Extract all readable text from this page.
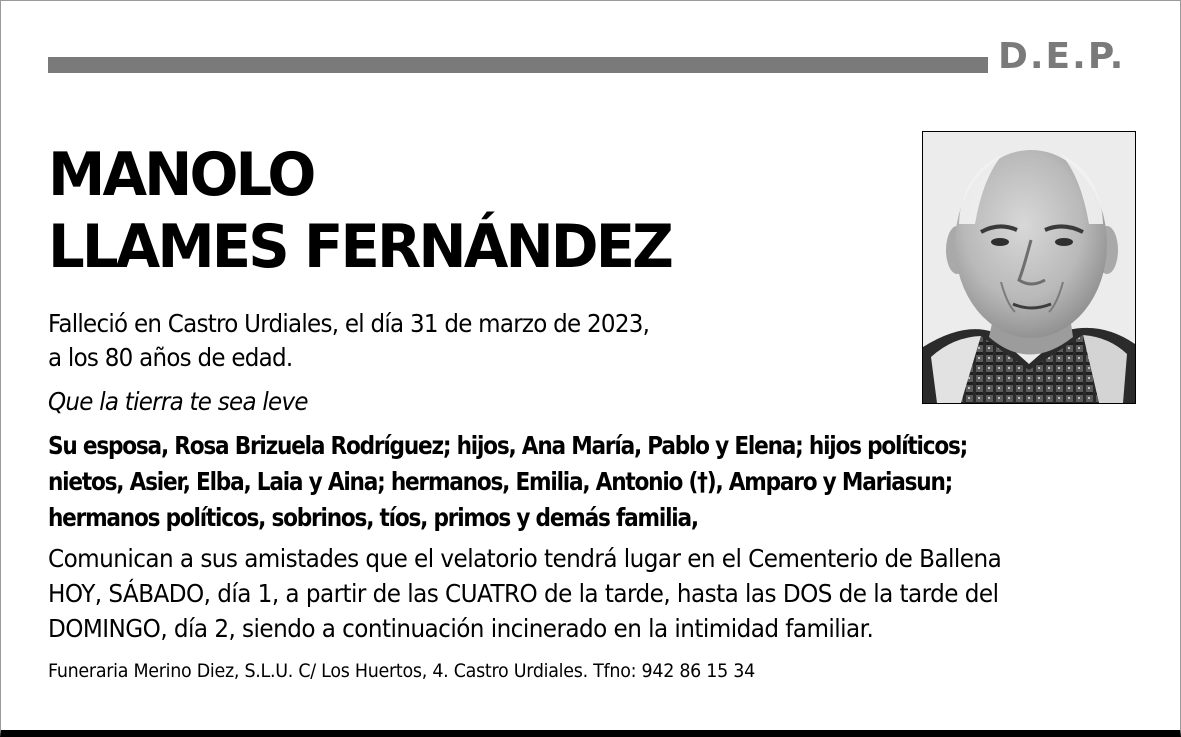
D.E.P.
MANOLO
LLAMES FERNÁNDEZ
Falleció en Castro Urdiales, el día 31 de marzo de 2023,
a los 80 años de edad.
Que la tierra te sea leve
Su esposa, Rosa Brizuela Rodríguez; hijos, Ana María, Pablo y Elena; hijos políticos;
nietos, Asier, Elba, Laia y Aina; hermanos, Emilia, Antonio (†), Amparo y Mariasun;
hermanos políticos, sobrinos, tíos, primos y demás familia,
Comunican a sus amistades que el velatorio tendrá lugar en el Cementerio de Ballena
HOY, SÁBADO, día 1, a partir de las CUATRO de la tarde, hasta las DOS de la tarde del
DOMINGO, día 2, siendo a continuación incinerado en la intimidad familiar.
Funeraria Merino Diez, S.L.U. C/ Los Huertos, 4. Castro Urdiales. Tfno: 942 86 15 34
